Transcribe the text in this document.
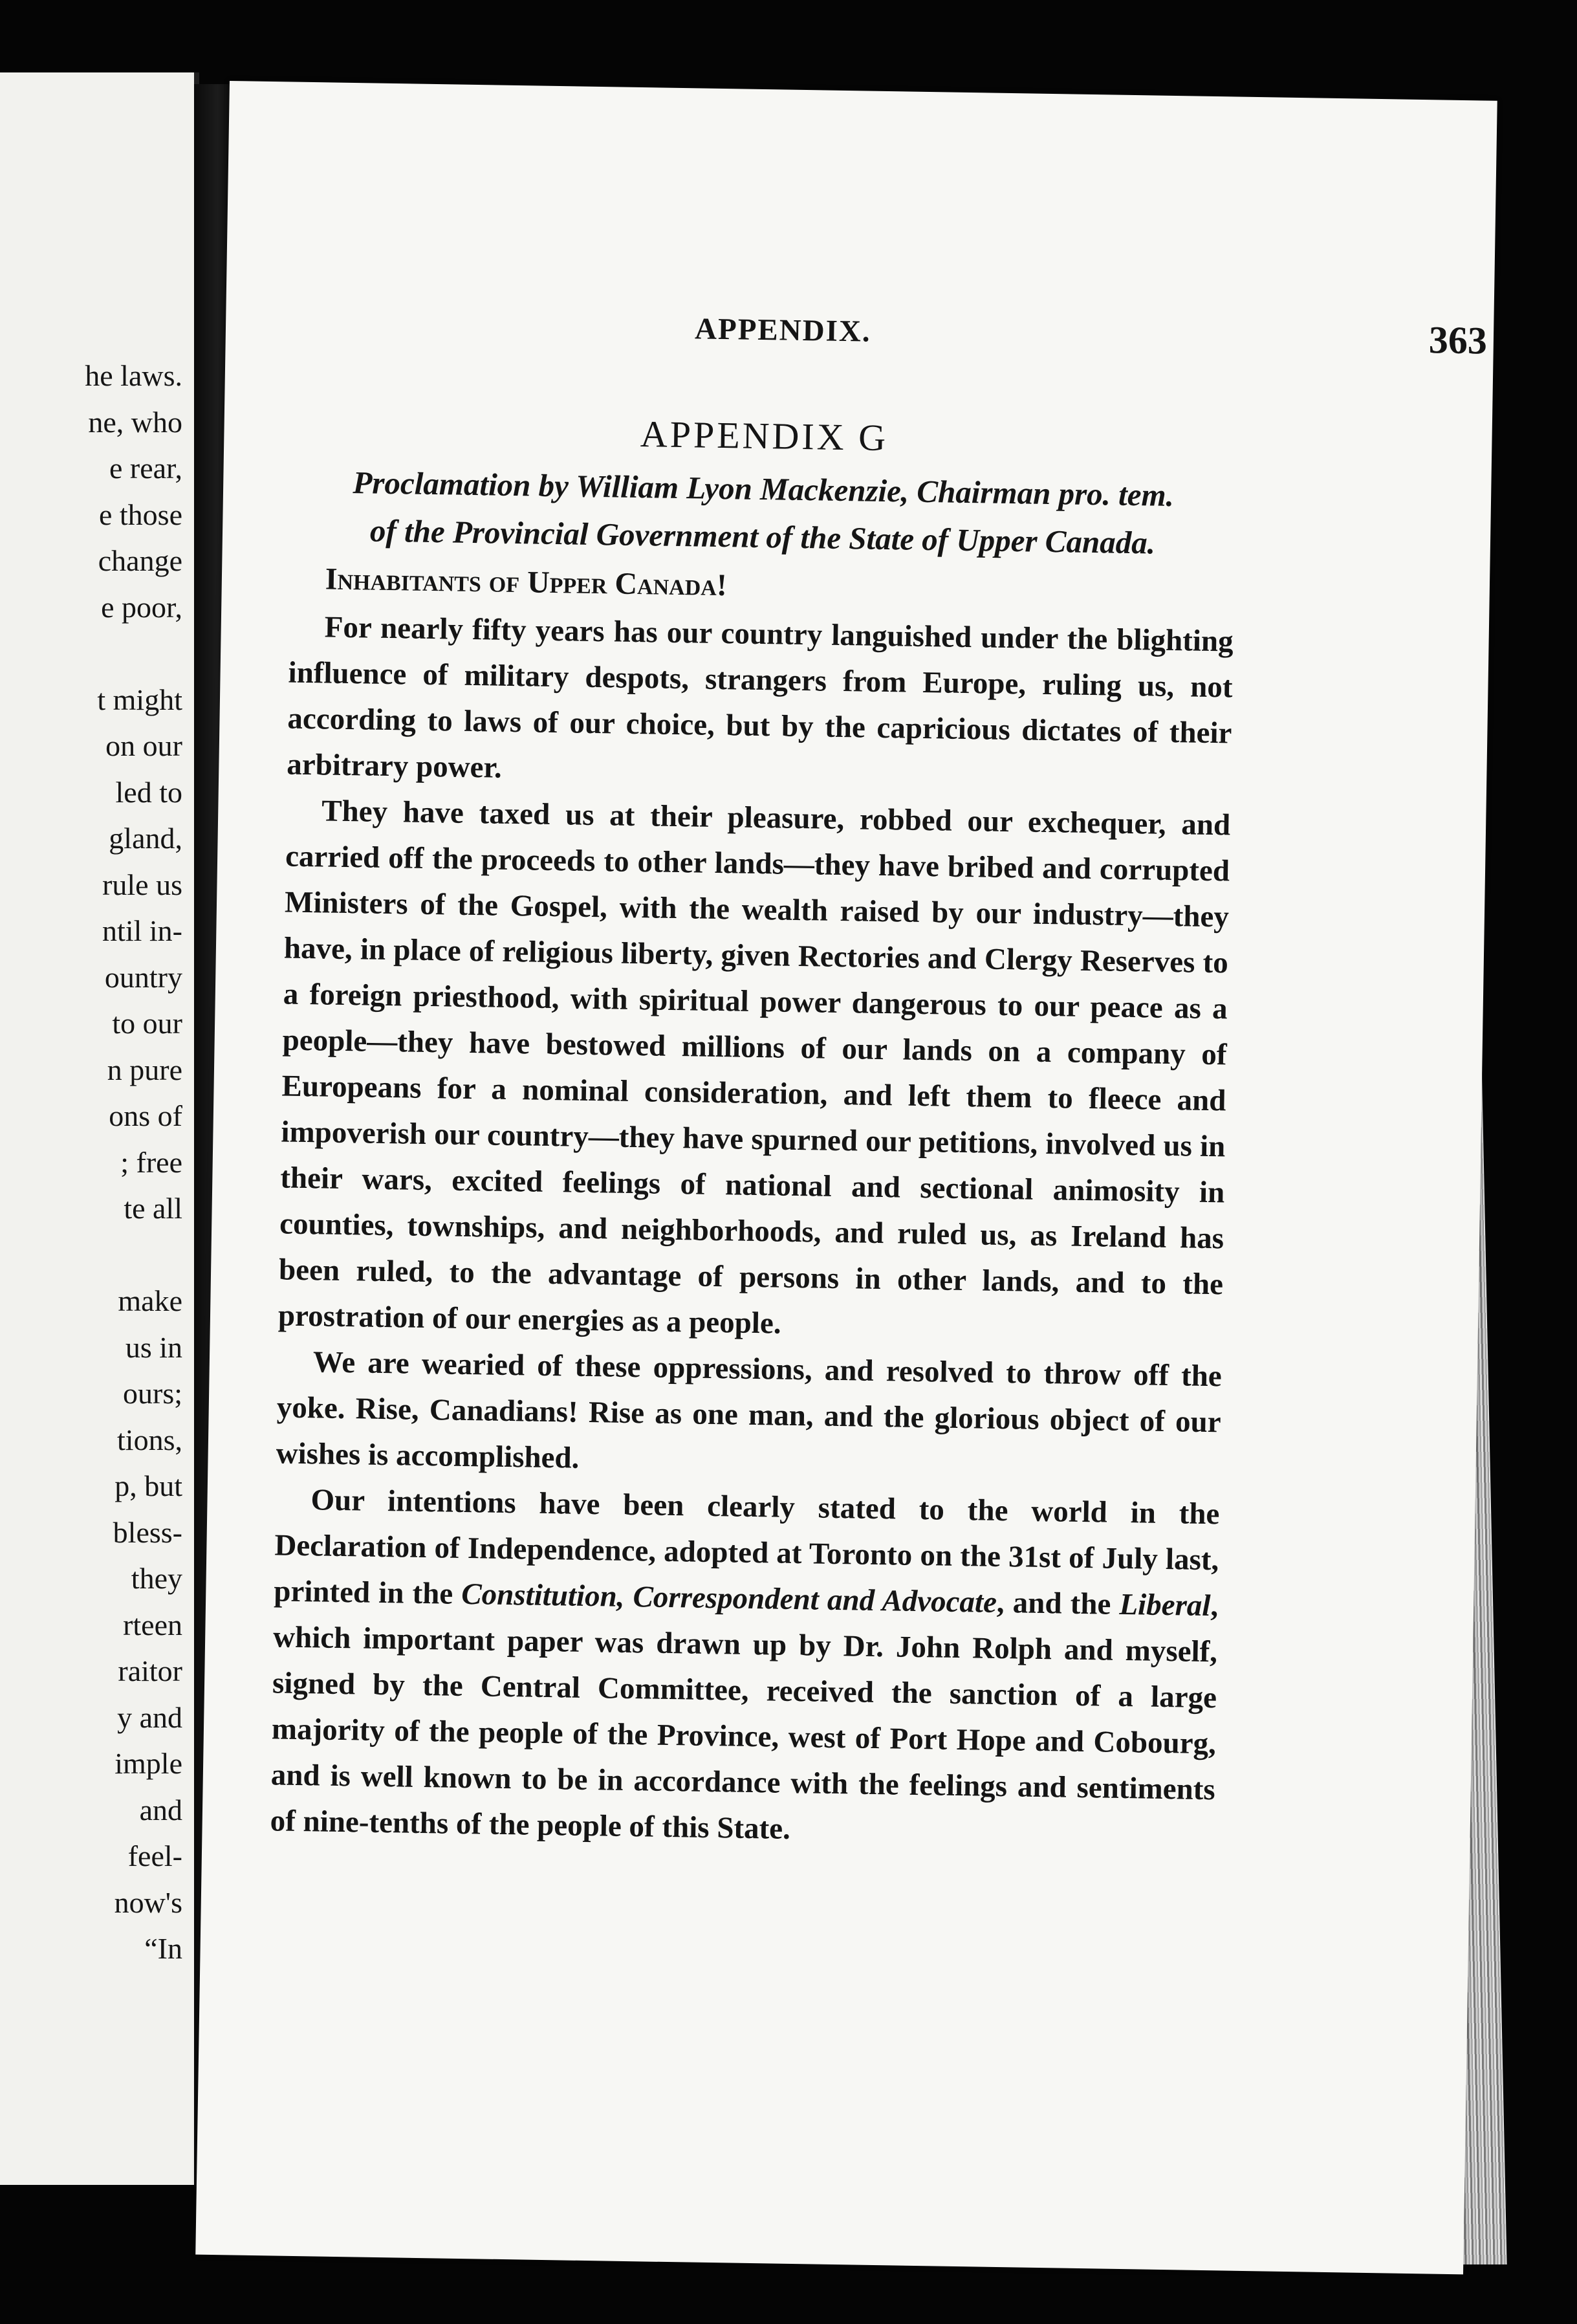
he laws.
ne, who
e rear,
e those
change
e poor,
t might
on our
led to
gland,
rule us
ntil in-
ountry
to our
n pure
ons of
; free
te all
make
us in
ours;
tions,
p, but
bless-
they
rteen
raitor
y and
imple
and
feel-
now's
“In
APPENDIX.	363
APPENDIX G
Proclamation by William Lyon Mackenzie, Chairman pro. tem.
of the Provincial Government of the State of Upper Canada.
Inhabitants of Upper Canada!

For nearly fifty years has our country languished under the blighting influence of military despots, strangers from Europe, ruling us, not according to laws of our choice, but by the capricious dictates of their arbitrary power.

They have taxed us at their pleasure, robbed our exchequer, and carried off the proceeds to other lands—they have bribed and corrupted Ministers of the Gospel, with the wealth raised by our industry—they have, in place of religious liberty, given Rectories and Clergy Reserves to a foreign priesthood, with spiritual power dangerous to our peace as a people—they have bestowed millions of our lands on a company of Europeans for a nominal consideration, and left them to fleece and impoverish our country—they have spurned our petitions, involved us in their wars, excited feelings of national and sectional animosity in counties, townships, and neighborhoods, and ruled us, as Ireland has been ruled, to the advantage of persons in other lands, and to the prostration of our energies as a people.

We are wearied of these oppressions, and resolved to throw off the yoke. Rise, Canadians! Rise as one man, and the glorious object of our wishes is accomplished.

Our intentions have been clearly stated to the world in the Declaration of Independence, adopted at Toronto on the 31st of July last, printed in the Constitution, Correspondent and Advocate, and the Liberal, which important paper was drawn up by Dr. John Rolph and myself, signed by the Central Committee, received the sanction of a large majority of the people of the Province, west of Port Hope and Cobourg, and is well known to be in accordance with the feelings and sentiments of nine-tenths of the people of this State.
